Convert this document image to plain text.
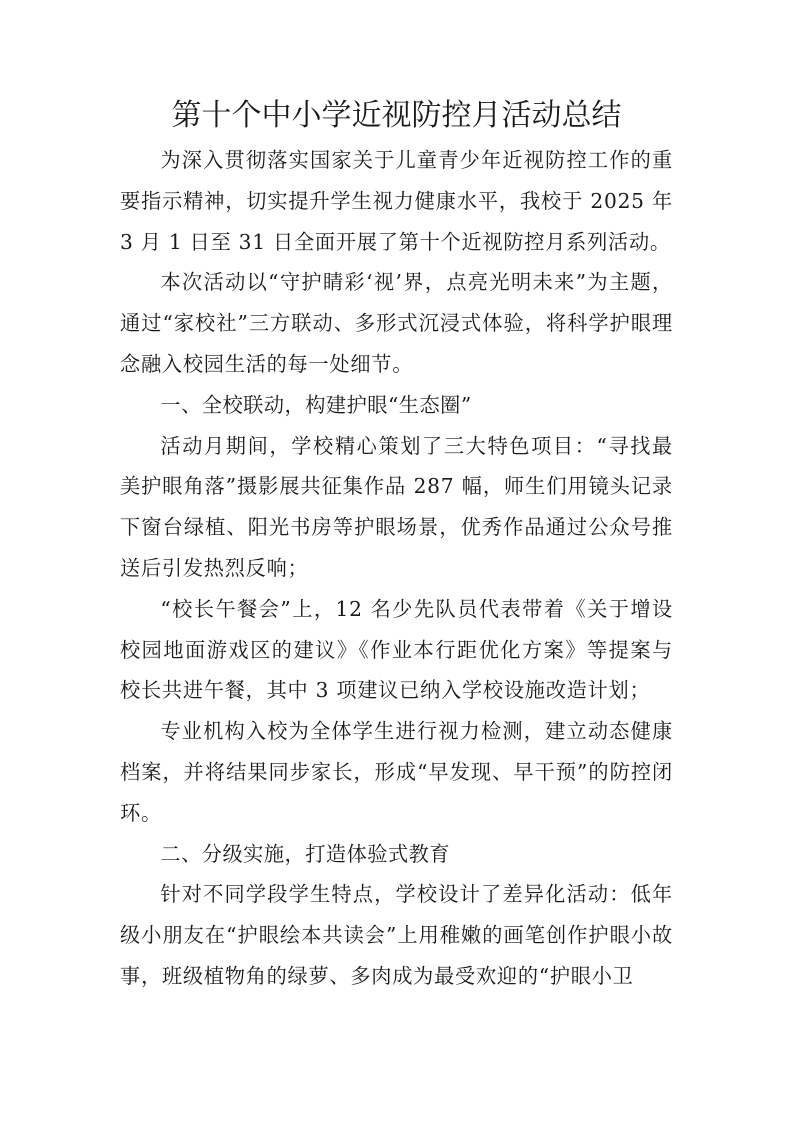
第十个中小学近视防控月活动总结

为深入贯彻落实国家关于儿童青少年近视防控工作的重要指示精神，切实提升学生视力健康水平，我校于 2025 年 3 月 1 日至 31 日全面开展了第十个近视防控月系列活动。

本次活动以“守护睛彩‘视’界，点亮光明未来”为主题，通过“家校社”三方联动、多形式沉浸式体验，将科学护眼理念融入校园生活的每一处细节。

一、全校联动，构建护眼“生态圈”

活动月期间，学校精心策划了三大特色项目：“寻找最美护眼角落”摄影展共征集作品 287 幅，师生们用镜头记录下窗台绿植、阳光书房等护眼场景，优秀作品通过公众号推送后引发热烈反响；

“校长午餐会”上，12 名少先队员代表带着《关于增设校园地面游戏区的建议》《作业本行距优化方案》等提案与校长共进午餐，其中 3 项建议已纳入学校设施改造计划；

专业机构入校为全体学生进行视力检测，建立动态健康档案，并将结果同步家长，形成“早发现、早干预”的防控闭环。

二、分级实施，打造体验式教育

针对不同学段学生特点，学校设计了差异化活动：低年级小朋友在“护眼绘本共读会”上用稚嫩的画笔创作护眼小故事，班级植物角的绿萝、多肉成为最受欢迎的“护眼小卫
